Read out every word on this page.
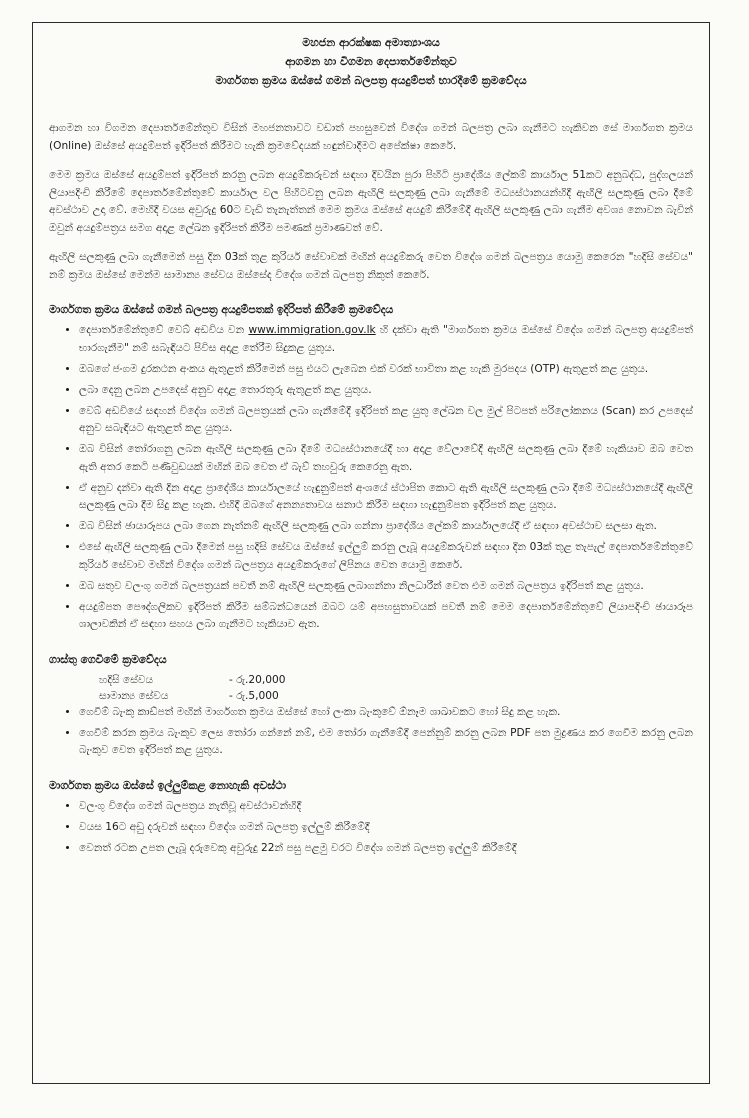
මහජන ආරක්ෂක අමාත්‍යාංශය
ආගමන හා විගමන දෙපාර්තමේන්තුව
මාර්ගගත ක්‍රමය ඔස්සේ ගමන් බලපත්‍ර අයදුම්පත් භාරදීමේ ක්‍රමවේදය

ආගමන හා විගමන දෙපාර්තමේන්තුව විසින් මහජනතාවට වඩාත් පහසුවෙන් විදේශ ගමන් බලපත්‍ර ලබා ගැනීමට හැකිවන සේ මාර්ගගත ක්‍රමය (Online) ඔස්සේ අයදුම්පත් ඉදිරිපත් කිරීමට හැකි ක්‍රමවේදයක් හඳුන්වාදීමට අපේක්ෂා කෙරේ.

මෙම ක්‍රමය ඔස්සේ අයදුම්පත් ඉදිරිපත් කරනු ලබන අයදුම්කරුවන් සඳහා දිවයින පුරා පිහිටි ප්‍රාදේශීය ලේකම් කාර්යාල 51කට අනුබද්ධ, පුද්ගලයන් ලියාපදිංචි කිරීමේ දෙපාර්තමේන්තුවේ කාර්යාල වල පිහිටවනු ලබන ඇඟිලි සලකුණු ලබා ගැනීමේ මධ්‍යස්ථානයන්හිදී ඇඟිලි සලකුණු ලබා දීමේ අවස්ථාව උදා වේ. මෙහිදී වයස අවුරුදු 60ට වැඩි තැනැත්තන් මෙම ක්‍රමය ඔස්සේ අයදුම් කිරීමේදී ඇඟිලි සලකුණු ලබා ගැනීම අවශ්‍ය නොවන බැවින් ඔවුන් අයදුම්පත්‍රය සමග අදාළ ලේඛන ඉදිරිපත් කිරීම පමණක් ප්‍රමාණවත් වේ.

ඇඟිලි සලකුණු ලබා ගැනීමෙන් පසු දින 03ක් තුළ කුරියර් සේවාවක් මඟින් අයදුම්කරු වෙත විදේශ ගමන් බලපත්‍රය යොමු කෙරෙන "හදිසි සේවය" නම් ක්‍රමය ඔස්සේ මෙන්ම සාමාන්‍ය සේවය ඔස්සේද විදේශ ගමන් බලපත්‍ර නිකුත් කෙරේ.

මාර්ගගත ක්‍රමය ඔස්සේ ගමන් බලපත්‍ර අයදුම්පතක් ඉදිරිපත් කිරීමේ ක්‍රමවේදය
• දෙපාර්තමේන්තුවේ වෙබ් අඩවිය වන www.immigration.gov.lk හි දක්වා ඇති "මාර්ගගත ක්‍රමය ඔස්සේ විදේශ ගමන් බලපත්‍ර අයදුම්පත් භාරගැනීම" නම් සබැඳියට පිවිස අදාළ තේරීම සිදුකළ යුතුය.
• ඔබගේ ජංගම දුරකථන අංකය ඇතුළත් කිරීමෙන් පසු එයට ලැබෙන එක් වරක් භාවිතා කළ හැකි මුරපදය (OTP) ඇතුළත් කළ යුතුය.
• ලබා දෙනු ලබන උපදෙස් අනුව අදාළ තොරතුරු ඇතුළත් කළ යුතුය.
• වෙබ් අඩවියේ සඳහන් විදේශ ගමන් බලපත්‍රයක් ලබා ගැනීමේදී ඉදිරිපත් කළ යුතු ලේඛන වල මුල් පිටපත් පරිලෝකනය (Scan) කර උපදෙස් අනුව සබැඳියට ඇතුළත් කළ යුතුය.
• ඔබ විසින් තෝරාගනු ලබන ඇඟිලි සලකුණු ලබා දීමේ මධ්‍යස්ථානයේදී හා අදාළ වේලාවේදී ඇඟිලි සලකුණු ලබා දීමේ හැකියාව ඔබ වෙත ඇති අතර කෙටි පණිවුඩයක් මඟින් ඔබ වෙත ඒ බැව් තහවුරු කෙරෙනු ඇත.
• ඒ අනුව දන්වා ඇති දින අදාළ ප්‍රාදේශීය කාර්යාලයේ හැඳුනුම්පත් අංශයේ ස්ථාපිත කොට ඇති ඇඟිලි සලකුණු ලබා දීමේ මධ්‍යස්ථානයේදී ඇඟිලි සලකුණු ලබා දීම සිදු කළ හැක. එහිදී ඔබගේ අනන්‍යතාවය සනාථ කිරීම සඳහා හැඳුනුම්පත ඉදිරිපත් කළ යුතුය.
• ඔබ විසින් ඡායාරූපය ලබා ගෙන නැත්නම් ඇඟිලි සලකුණු ලබා ගන්නා ප්‍රාදේශීය ලේකම් කාර්යාලයේදී ඒ සඳහා අවස්ථාව සලසා ඇත.
• එසේ ඇඟිලි සලකුණු ලබා දීමෙන් පසු හදිසි සේවය ඔස්සේ ඉල්ලුම් කරනු ලැබූ අයදුම්කරුවන් සඳහා දින 03ක් තුළ තැපැල් දෙපාර්තමේන්තුවේ කුරියර් සේවාව මඟින් විදේශ ගමන් බලපත්‍රය අයදුම්කරුගේ ලිපිනය වෙත යොමු කෙරේ.
• ඔබ සතුව වලංගු ගමන් බලපත්‍රයක් පවතී නම් ඇඟිලි සලකුණු ලබාගන්නා නිලධාරීන් වෙත එම ගමන් බලපත්‍රය ඉදිරිපත් කළ යුතුය.
• අයදුම්පත පෞද්ගලිකව ඉදිරිපත් කිරීම සම්බන්ධයෙන් ඔබට යම් අපහසුතාවයක් පවතී නම් මෙම දෙපාර්තමේන්තුවේ ලියාපදිංචි ඡායාරූප ශාලාවකින් ඒ සඳහා සහය ලබා ගැනීමට හැකියාව ඇත.
ගාස්තු ගෙවීමේ ක්‍රමවේදය
හදිසි සේවය	- රු.20,000
සාමාන්‍ය සේවය	- රු.5,000
• ගෙවීම් බැංකු කාඩ්පත් මඟින් මාර්ගගත ක්‍රමය ඔස්සේ හෝ ලංකා බැංකුවේ ඕනෑම ශාඛාවකට හෝ සිදු කළ හැක.
• ගෙවීම් කරන ක්‍රමය බැංකුව ලෙස තෝරා ගන්නේ නම්, එම තෝරා ගැනීමේදී පෙන්නුම් කරනු ලබන PDF පත මුද්‍රණය කර ගෙවීම කරනු ලබන බැංකුව වෙත ඉදිරිපත් කළ යුතුය.
මාර්ගගත ක්‍රමය ඔස්සේ ඉල්ලුම්කළ නොහැකි අවස්ථා
• වලංගු විදේශ ගමන් බලපත්‍රය නැතිවූ අවස්ථාවන්හිදී
• වයස 16ට අඩු දරුවන් සඳහා විදේශ ගමන් බලපත්‍ර ඉල්ලුම් කිරීමේදී
• වෙනත් රටක උපත ලැබූ දරුවෙකු අවුරුදු 22න් පසු පළමු වරට විදේශ ගමන් බලපත්‍ර ඉල්ලුම් කිරීමේදී
